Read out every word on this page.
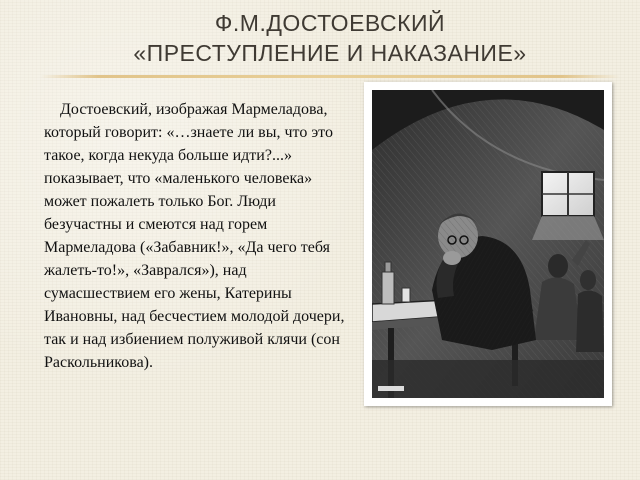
Ф.М.ДОСТОЕВСКИЙ
«ПРЕСТУПЛЕНИЕ И НАКАЗАНИЕ»
Достоевский, изображая Мармеладова, который говорит: «…знаете ли вы, что это такое, когда некуда больше идти?...» показывает, что «маленького человека» может пожалеть только Бог. Люди безучастны и смеются над горем Мармеладова («Забавник!», «Да чего тебя жалеть-то!», «Заврался»), над сумасшествием его жены, Катерины Ивановны, над бесчестием молодой дочери, так и над избиением полуживой клячи (сон Раскольникова).
